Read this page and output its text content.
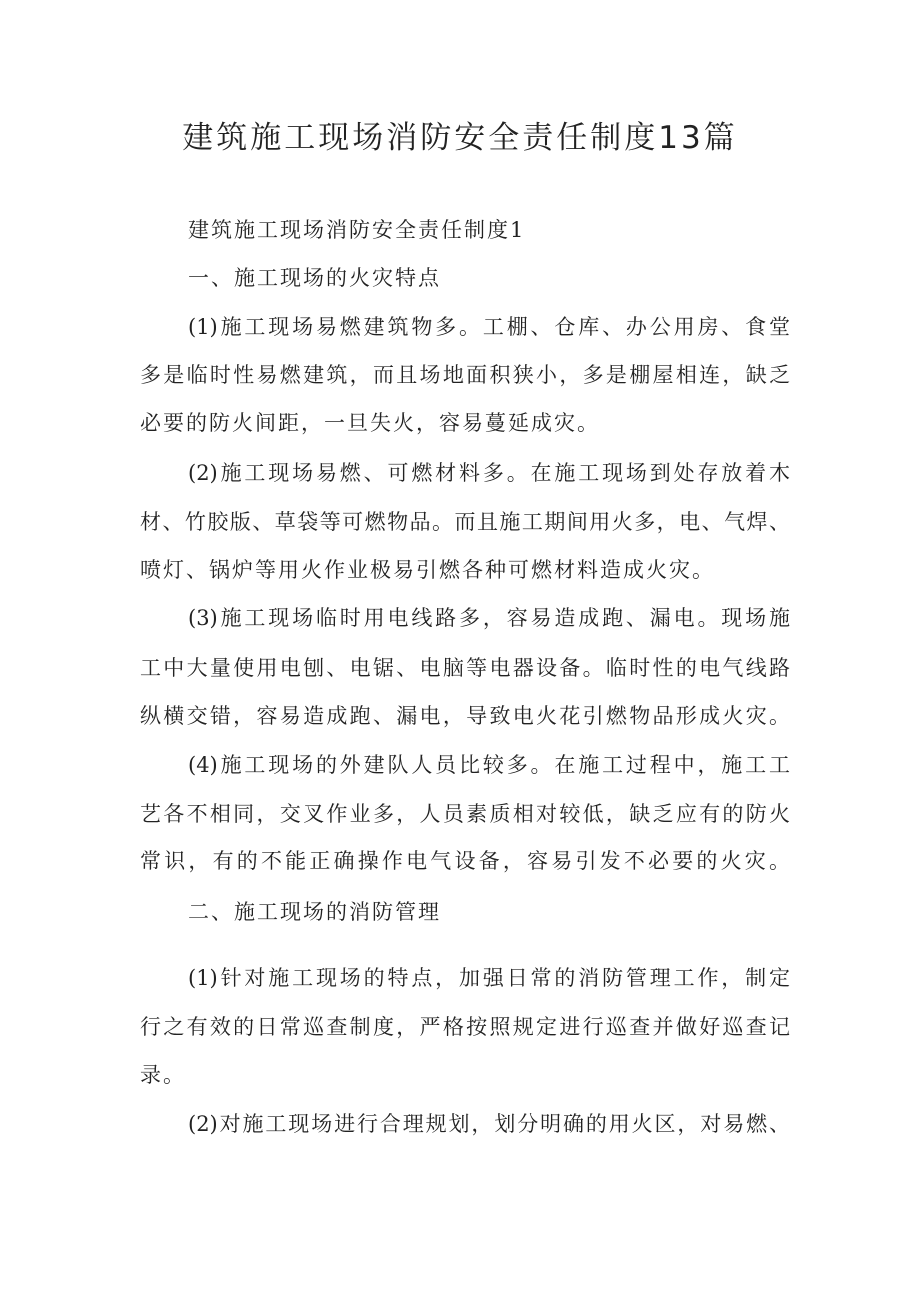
建筑施工现场消防安全责任制度13篇
建筑施工现场消防安全责任制度1
一、施工现场的火灾特点
(1)施工现场易燃建筑物多。工棚、仓库、办公用房、食堂
多是临时性易燃建筑，而且场地面积狭小，多是棚屋相连，缺乏
必要的防火间距，一旦失火，容易蔓延成灾。
(2)施工现场易燃、可燃材料多。在施工现场到处存放着木
材、竹胶版、草袋等可燃物品。而且施工期间用火多，电、气焊、
喷灯、锅炉等用火作业极易引燃各种可燃材料造成火灾。
(3)施工现场临时用电线路多，容易造成跑、漏电。现场施
工中大量使用电刨、电锯、电脑等电器设备。临时性的电气线路
纵横交错，容易造成跑、漏电，导致电火花引燃物品形成火灾。
(4)施工现场的外建队人员比较多。在施工过程中，施工工
艺各不相同，交叉作业多，人员素质相对较低，缺乏应有的防火
常识，有的不能正确操作电气设备，容易引发不必要的火灾。
二、施工现场的消防管理
(1)针对施工现场的特点，加强日常的消防管理工作，制定
行之有效的日常巡查制度，严格按照规定进行巡查并做好巡查记
录。
(2)对施工现场进行合理规划，划分明确的用火区，对易燃、
